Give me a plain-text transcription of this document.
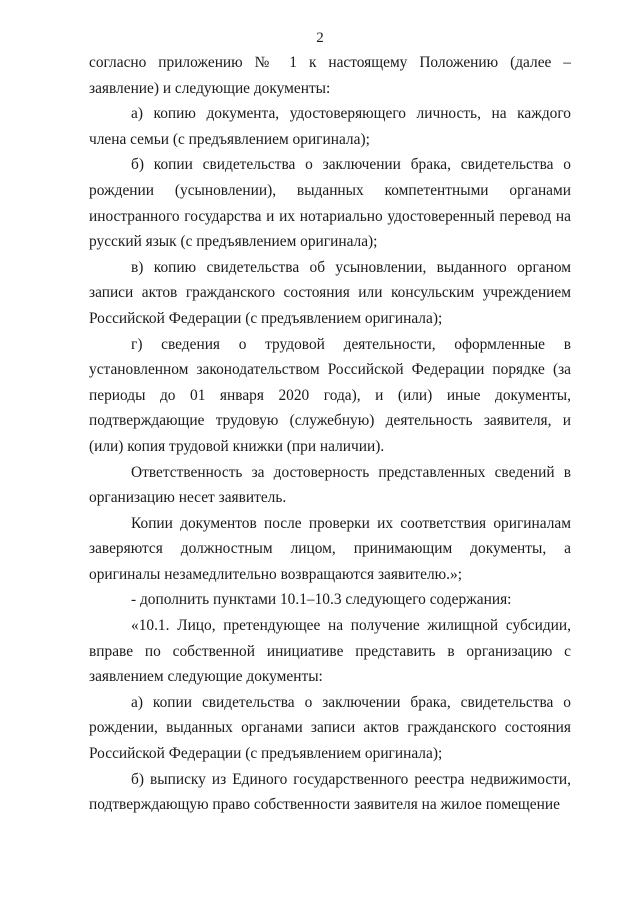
2

согласно приложению № 1 к настоящему Положению (далее – заявление) и следующие документы:

а) копию документа, удостоверяющего личность, на каждого члена семьи (с предъявлением оригинала);

б) копии свидетельства о заключении брака, свидетельства о рождении (усыновлении), выданных компетентными органами иностранного государства и их нотариально удостоверенный перевод на русский язык (с предъявлением оригинала);

в) копию свидетельства об усыновлении, выданного органом записи актов гражданского состояния или консульским учреждением Российской Федерации (с предъявлением оригинала);

г) сведения о трудовой деятельности, оформленные в установленном законодательством Российской Федерации порядке (за периоды до 01 января 2020 года), и (или) иные документы, подтверждающие трудовую (служебную) деятельность заявителя, и (или) копия трудовой книжки (при наличии).

Ответственность за достоверность представленных сведений в организацию несет заявитель.

Копии документов после проверки их соответствия оригиналам заверяются должностным лицом, принимающим документы, а оригиналы незамедлительно возвращаются заявителю.»;

- дополнить пунктами 10.1–10.3 следующего содержания:

«10.1. Лицо, претендующее на получение жилищной субсидии, вправе по собственной инициативе представить в организацию с заявлением следующие документы:

а) копии свидетельства о заключении брака, свидетельства о рождении, выданных органами записи актов гражданского состояния Российской Федерации (с предъявлением оригинала);

б) выписку из Единого государственного реестра недвижимости, подтверждающую право собственности заявителя на жилое помещение
